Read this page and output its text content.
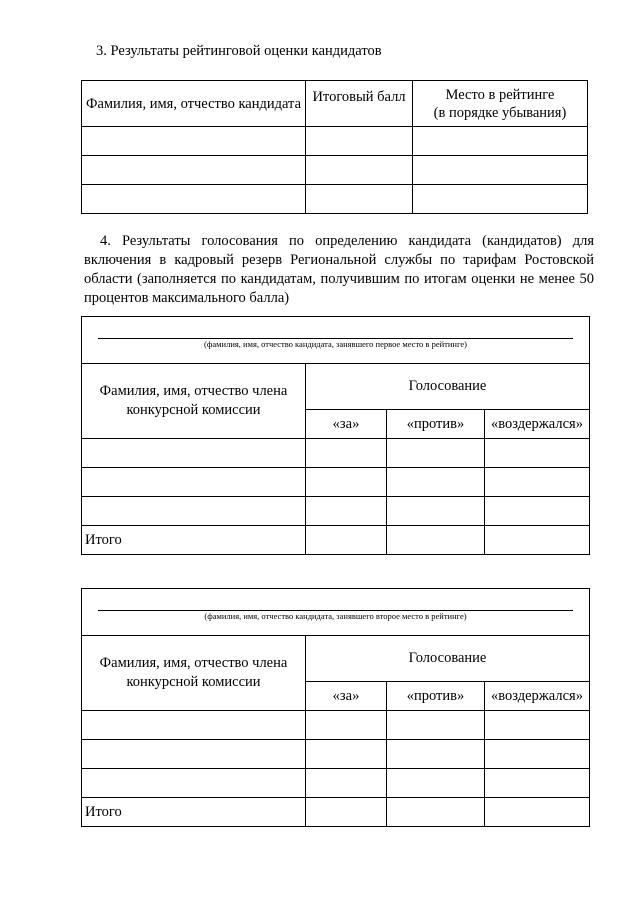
3. Результаты рейтинговой оценки кандидатов
Фамилия, имя, отчество кандидата	Итоговый балл	Место в рейтинге
(в порядке убывания)

4. Результаты голосования по определению кандидата (кандидатов) для включения в кадровый резерв Региональной службы по тарифам Ростовской области (заполняется по кандидатам, получившим по итогам оценки не менее 50 процентов максимального балла)
(фамилия, имя, отчество кандидата, занявшего первое место в рейтинге)			

Фамилия, имя, отчество члена конкурсной комиссии	Голосование		
	«за»	«против»	«воздержался»

Итого			
(фамилия, имя, отчество кандидата, занявшего второе место в рейтинге)			

Фамилия, имя, отчество члена конкурсной комиссии	Голосование		
	«за»	«против»	«воздержался»

Итого			
